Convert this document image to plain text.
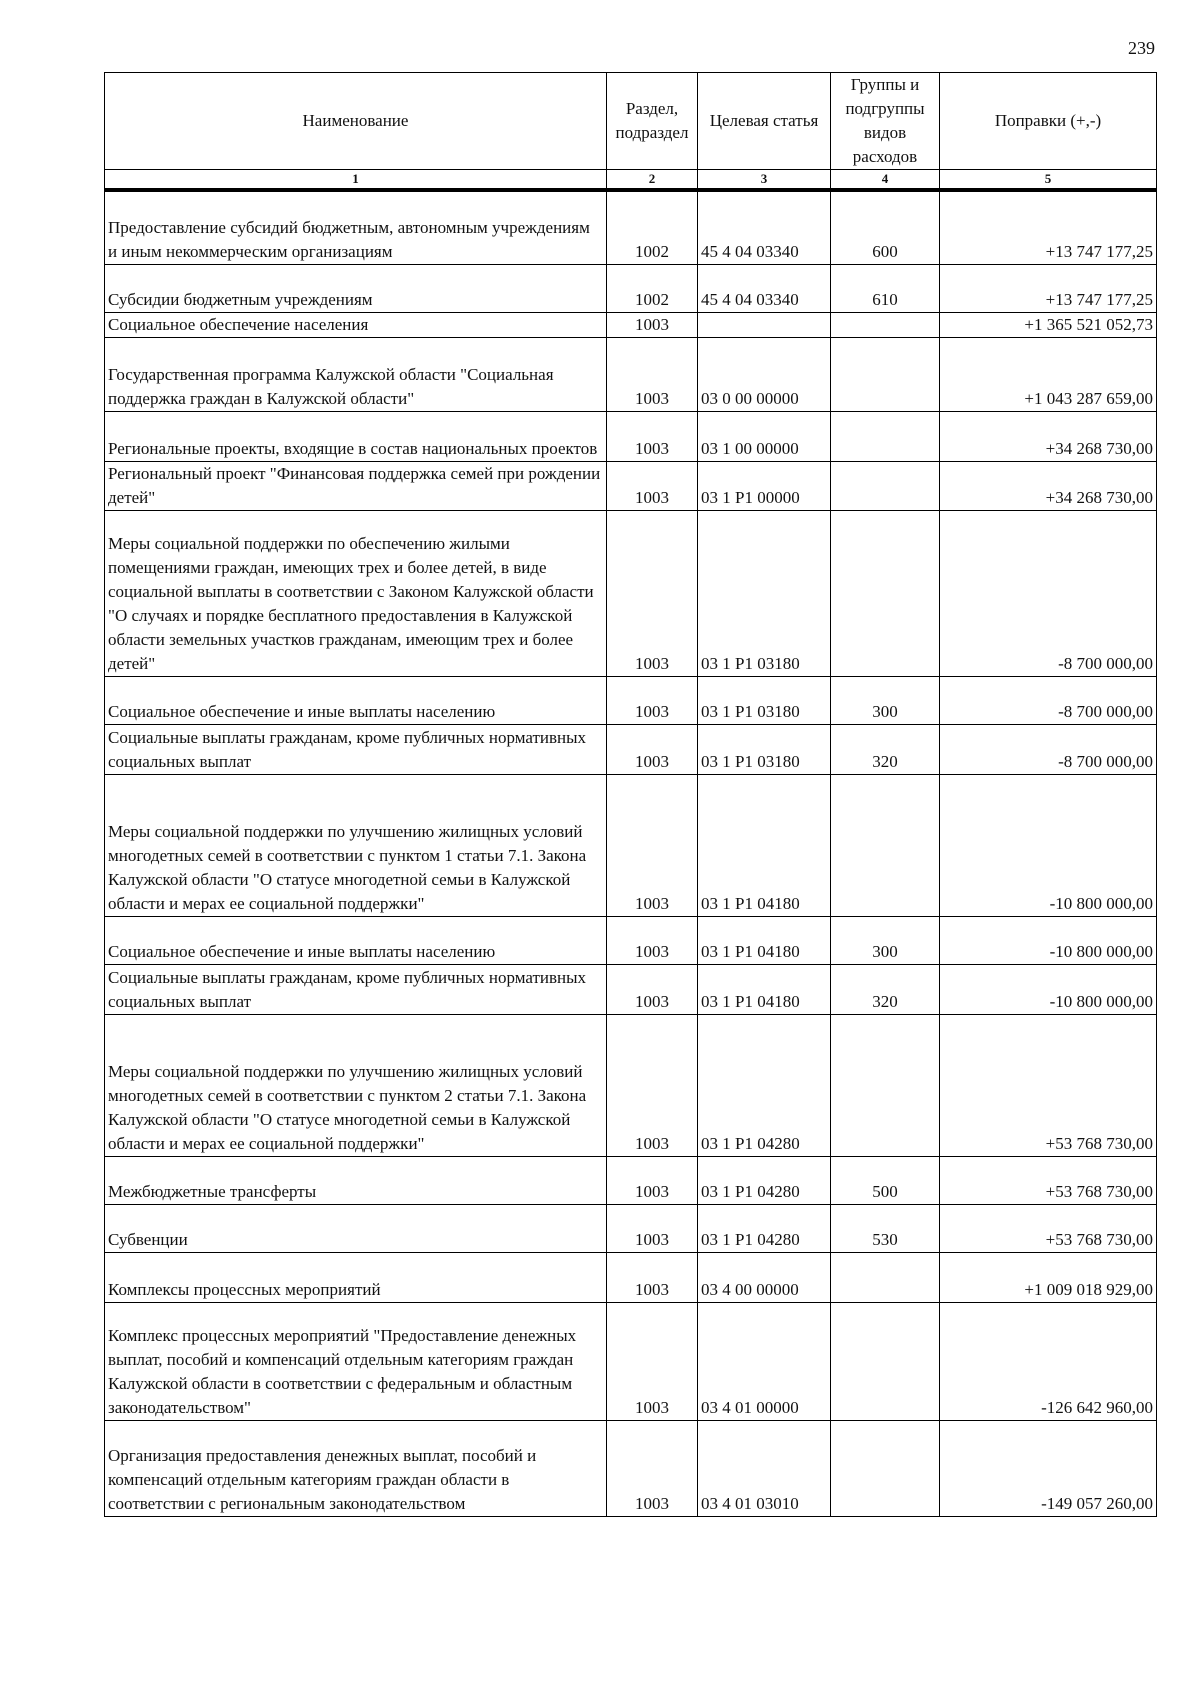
239
Наименование	Раздел, подраздел	Целевая статья	Группы и подгруппы видов расходов	Поправки (+,-)
1	2	3	4	5
Предоставление субсидий бюджетным, автономным учреждениям и иным некоммерческим организациям	1002	45 4 04 03340	600	+13 747 177,25
Субсидии бюджетным учреждениям	1002	45 4 04 03340	610	+13 747 177,25
Социальное обеспечение населения	1003			+1 365 521 052,73
Государственная программа Калужской области "Социальная поддержка граждан в Калужской области"	1003	03 0 00 00000		+1 043 287 659,00
Региональные проекты, входящие в состав национальных проектов	1003	03 1 00 00000		+34 268 730,00
Региональный проект "Финансовая поддержка семей при рождении детей"	1003	03 1 P1 00000		+34 268 730,00
Меры социальной поддержки по обеспечению жилыми помещениями граждан, имеющих трех и более детей, в виде социальной выплаты в соответствии с Законом Калужской области "О случаях и порядке бесплатного предоставления в Калужской области земельных участков гражданам, имеющим трех и более детей"	1003	03 1 P1 03180		-8 700 000,00
Социальное обеспечение и иные выплаты населению	1003	03 1 P1 03180	300	-8 700 000,00
Социальные выплаты гражданам, кроме публичных нормативных социальных выплат	1003	03 1 P1 03180	320	-8 700 000,00
Меры социальной поддержки по улучшению жилищных условий многодетных семей в соответствии с пунктом 1 статьи 7.1. Закона Калужской области "О статусе многодетной семьи в Калужской области и мерах ее социальной поддержки"	1003	03 1 P1 04180		-10 800 000,00
Социальное обеспечение и иные выплаты населению	1003	03 1 P1 04180	300	-10 800 000,00
Социальные выплаты гражданам, кроме публичных нормативных социальных выплат	1003	03 1 P1 04180	320	-10 800 000,00
Меры социальной поддержки по улучшению жилищных условий многодетных семей в соответствии с пунктом 2 статьи 7.1. Закона Калужской области "О статусе многодетной семьи в Калужской области и мерах ее социальной поддержки"	1003	03 1 P1 04280		+53 768 730,00
Межбюджетные трансферты	1003	03 1 P1 04280	500	+53 768 730,00
Субвенции	1003	03 1 P1 04280	530	+53 768 730,00
Комплексы процессных мероприятий	1003	03 4 00 00000		+1 009 018 929,00
Комплекс процессных мероприятий "Предоставление денежных выплат, пособий и компенсаций отдельным категориям граждан Калужской области в соответствии с федеральным и областным законодательством"	1003	03 4 01 00000		-126 642 960,00
Организация предоставления денежных выплат, пособий и компенсаций отдельным категориям граждан области в соответствии с региональным законодательством	1003	03 4 01 03010		-149 057 260,00
